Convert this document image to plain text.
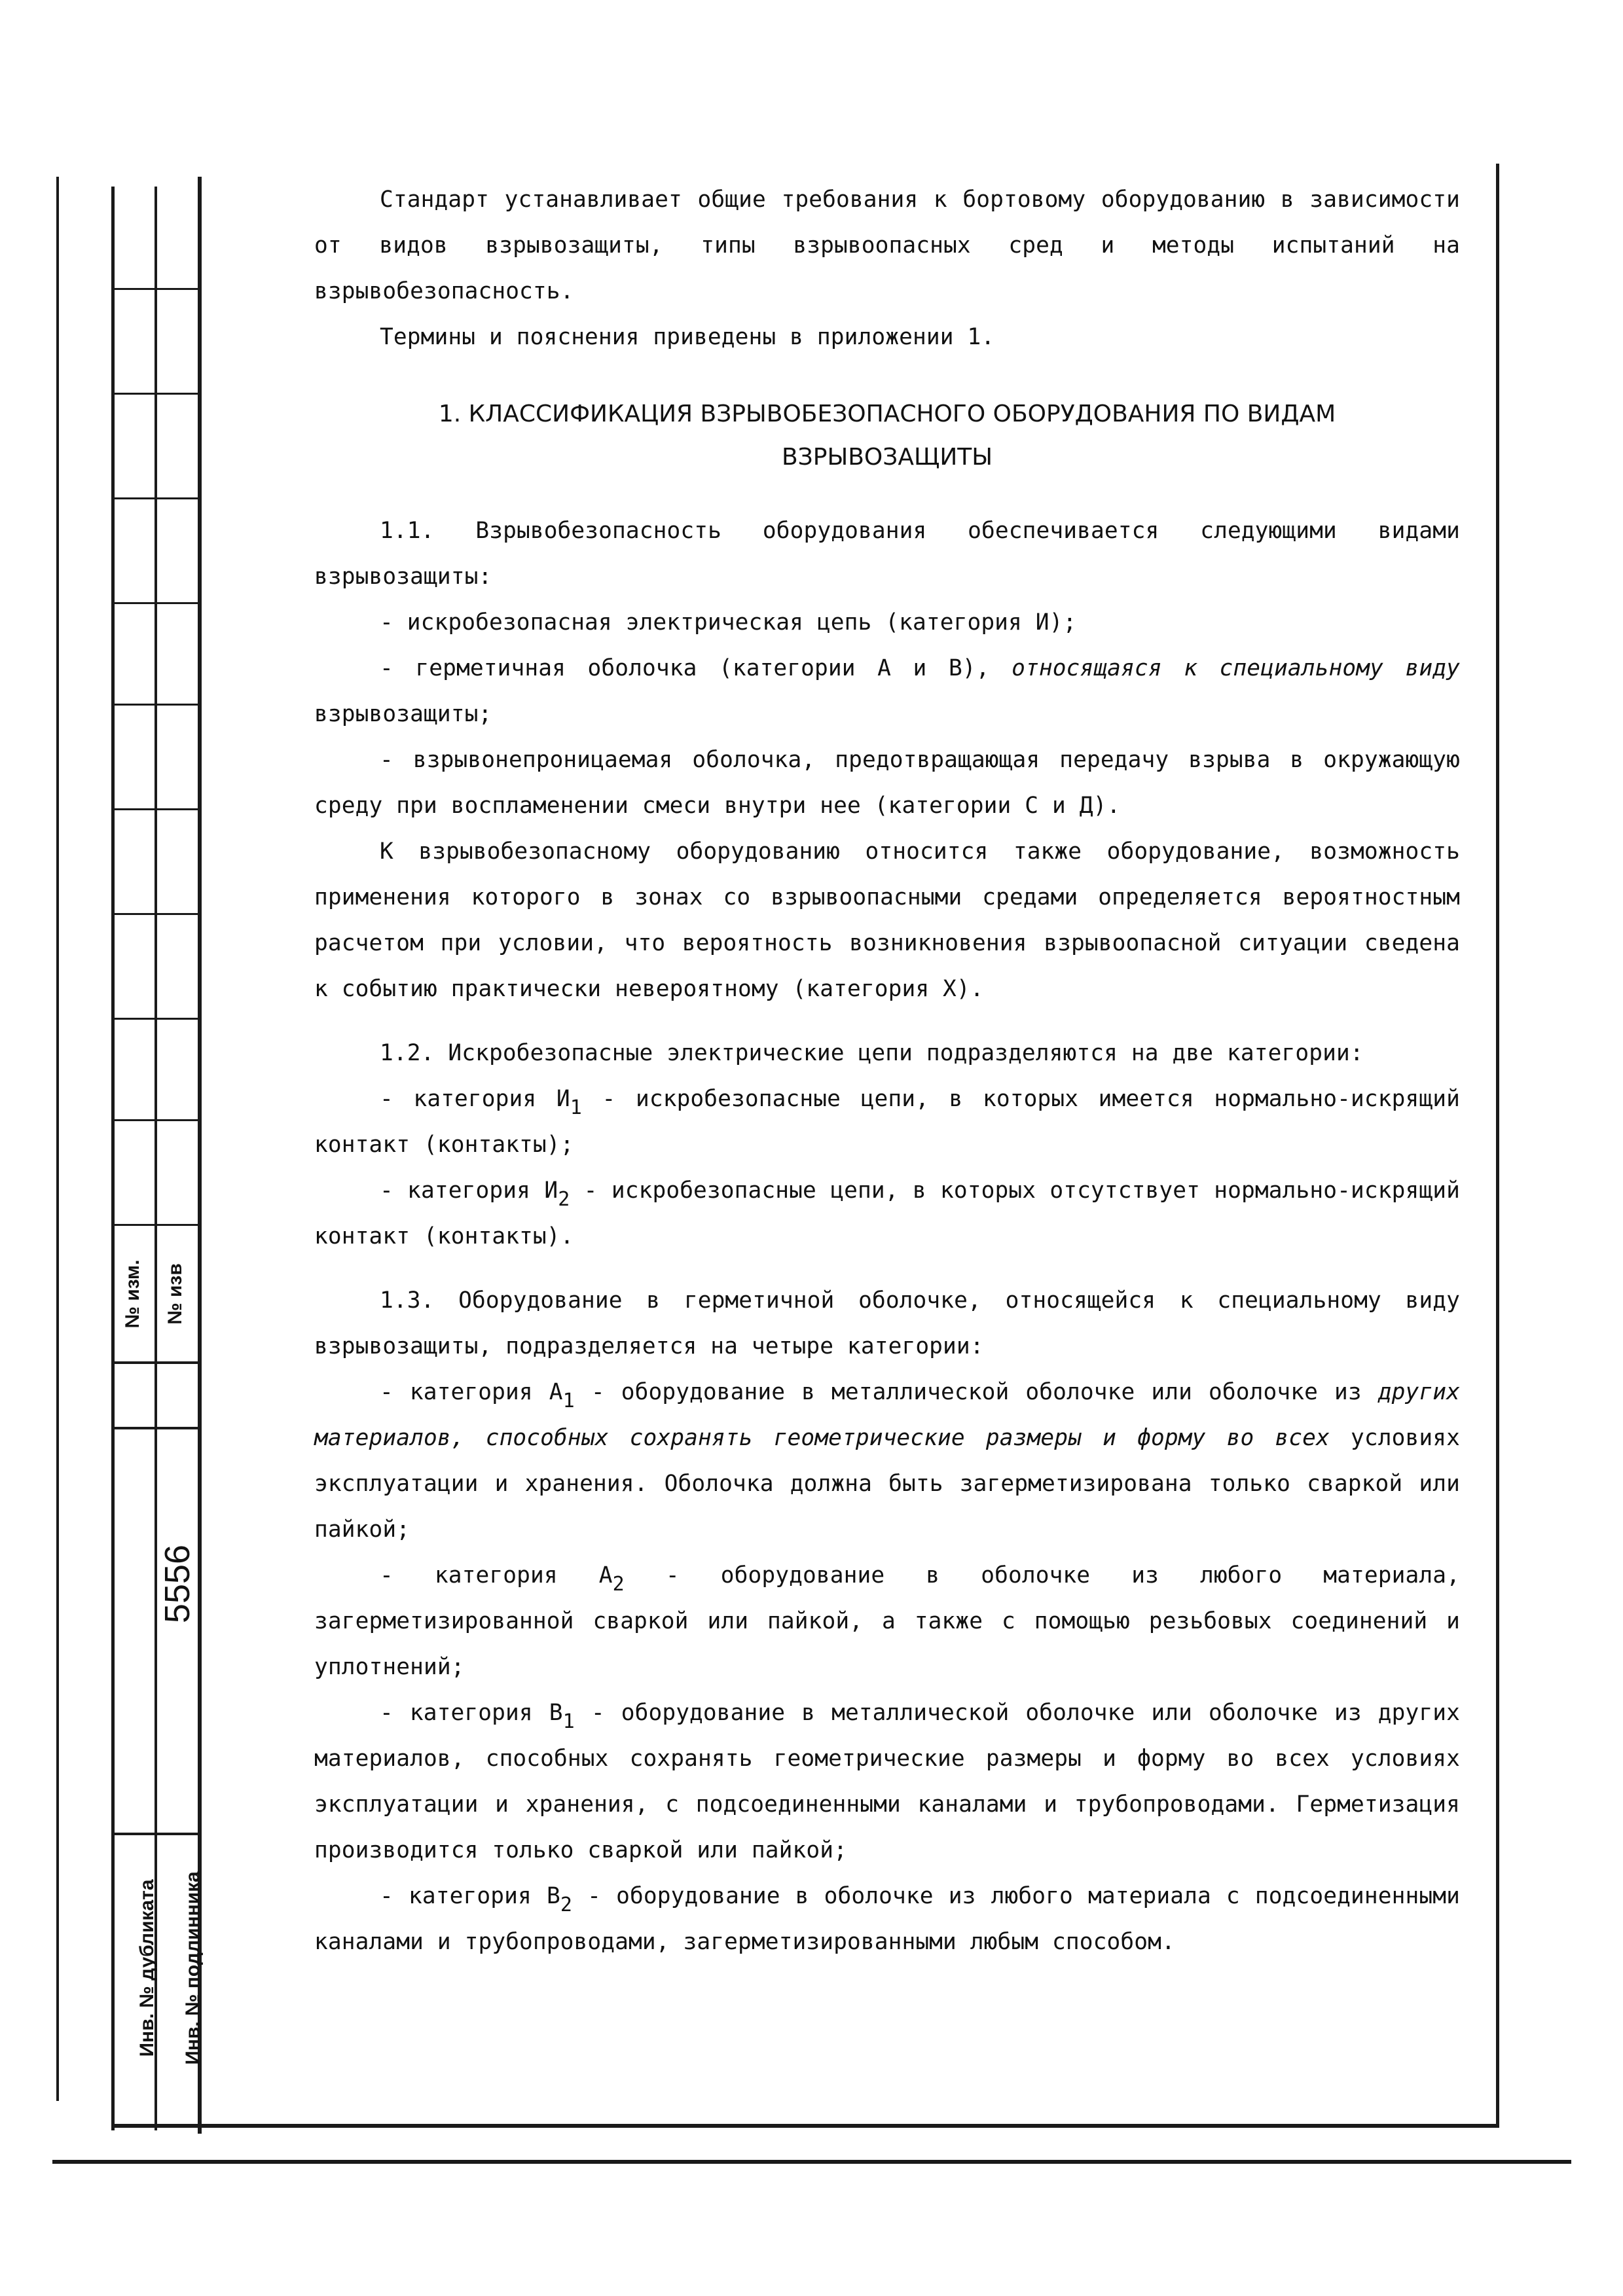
№ изм. № изв
5556
Инв. № дубликата Инв. № подлинника

Стандарт устанавливает общие требования к бортовому оборудованию в зависимости от видов взрывозащиты, типы взрывоопасных сред и методы испытаний на взрывобезопасность.

Термины и пояснения приведены в приложении 1.

1. КЛАССИФИКАЦИЯ ВЗРЫВОБЕЗОПАСНОГО ОБОРУДОВАНИЯ ПО ВИДАМ
ВЗРЫВОЗАЩИТЫ

1.1. Взрывобезопасность оборудования обеспечивается следующими видами взрывозащиты:

- искробезопасная электрическая цепь (категория И);

- герметичная оболочка (категории А и В), относящаяся к специальному виду взрывозащиты;

- взрывонепроницаемая оболочка, предотвращающая передачу взрыва в окружающую среду при воспламенении смеси внутри нее (категории С и Д).

К взрывобезопасному оборудованию относится также оборудование, возможность применения которого в зонах со взрывоопасными средами определяется вероятностным расчетом при условии, что вероятность возникновения взрывоопасной ситуации сведена к событию практически невероятному (категория X).

1.2. Искробезопасные электрические цепи подразделяются на две категории:

- категория $И_1$ - искробезопасные цепи, в которых имеется нормально-искрящий контакт (контакты);

- категория $И_2$ - искробезопасные цепи, в которых отсутствует нормально-искрящий контакт (контакты).

1.3. Оборудование в герметичной оболочке, относящейся к специальному виду взрывозащиты, подразделяется на четыре категории:

- категория $А_1$ - оборудование в металлической оболочке или оболочке из других материалов, способных сохранять геометрические размеры и форму во всех условиях эксплуатации и хранения. Оболочка должна быть загерметизирована только сваркой или пайкой;

- категория $А_2$ - оборудование в оболочке из любого материала, загерметизированной сваркой или пайкой, а также с помощью резьбовых соединений и уплотнений;

- категория $В_1$ - оборудование в металлической оболочке или оболочке из других материалов, способных сохранять геометрические размеры и форму во всех условиях эксплуатации и хранения, с подсоединенными каналами и трубопроводами. Герметизация производится только сваркой или пайкой;

- категория $В_2$ - оборудование в оболочке из любого материала с подсоединенными каналами и трубопроводами, загерметизированными любым способом.
